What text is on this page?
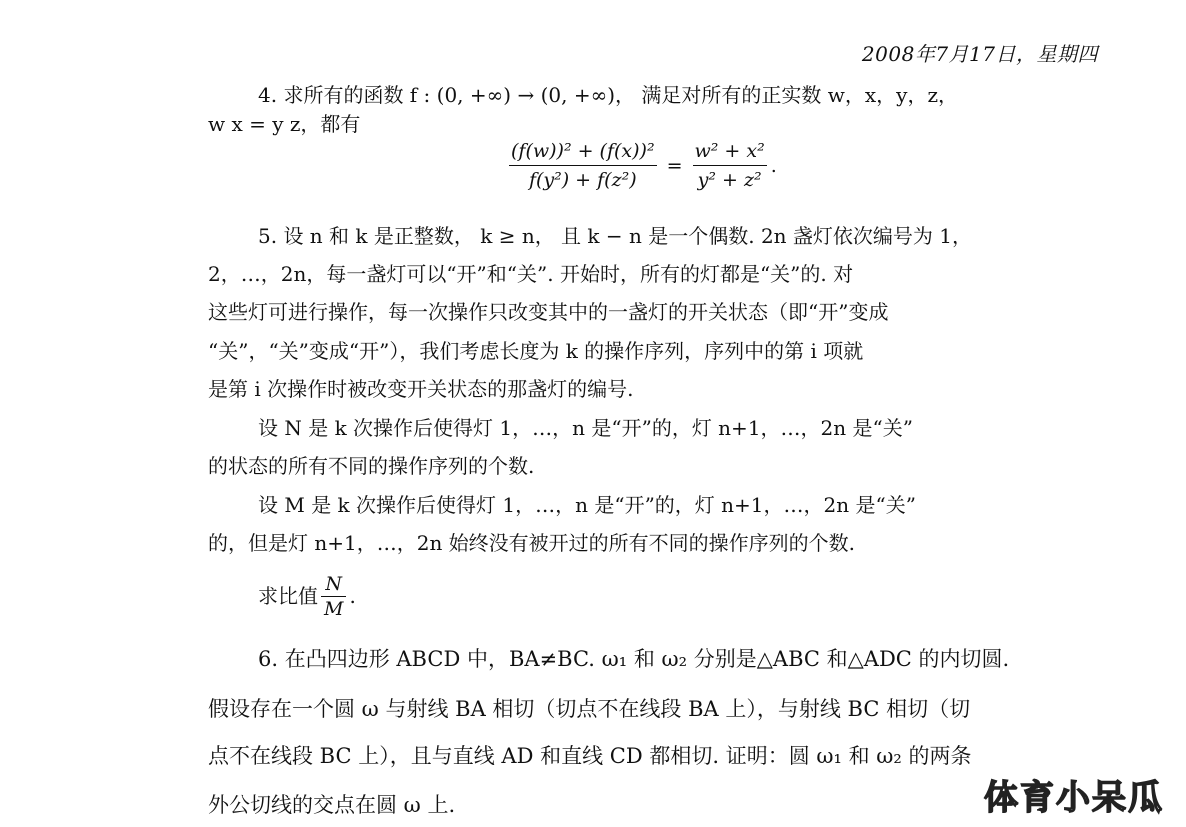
2008年7月17日，星期四
4. 求所有的函数 f : (0, +∞) → (0, +∞)， 满足对所有的正实数 w，x，y，z，
w x = y z，都有
$\frac{\text{(f(w))² + (f(x))²}}{\text{f(y²) + f(z²)}} = \frac{\text{w² + x²}}{\text{y² + z²}}$ .
5. 设 n 和 k 是正整数， k ≥ n， 且 k − n 是一个偶数. 2n 盏灯依次编号为 1，
2，…，2n，每一盏灯可以“开”和“关”. 开始时，所有的灯都是“关”的. 对
这些灯可进行操作，每一次操作只改变其中的一盏灯的开关状态（即“开”变成
“关”，“关”变成“开”），我们考虑长度为 k 的操作序列，序列中的第 i 项就
是第 i 次操作时被改变开关状态的那盏灯的编号.
设 N 是 k 次操作后使得灯 1，…，n 是“开”的，灯 n+1，…，2n 是“关”
的状态的所有不同的操作序列的个数.
设 M 是 k 次操作后使得灯 1，…，n 是“开”的，灯 n+1，…，2n 是“关”
的，但是灯 n+1，…，2n 始终没有被开过的所有不同的操作序列的个数.
求比值 $\frac{N}{M}$ .
6. 在凸四边形 ABCD 中，BA≠BC. ω₁ 和 ω₂ 分别是△ABC 和△ADC 的内切圆.
假设存在一个圆 ω 与射线 BA 相切（切点不在线段 BA 上），与射线 BC 相切（切
点不在线段 BC 上），且与直线 AD 和直线 CD 都相切. 证明：圆 ω₁ 和 ω₂ 的两条
外公切线的交点在圆 ω 上.	体育小呆瓜
